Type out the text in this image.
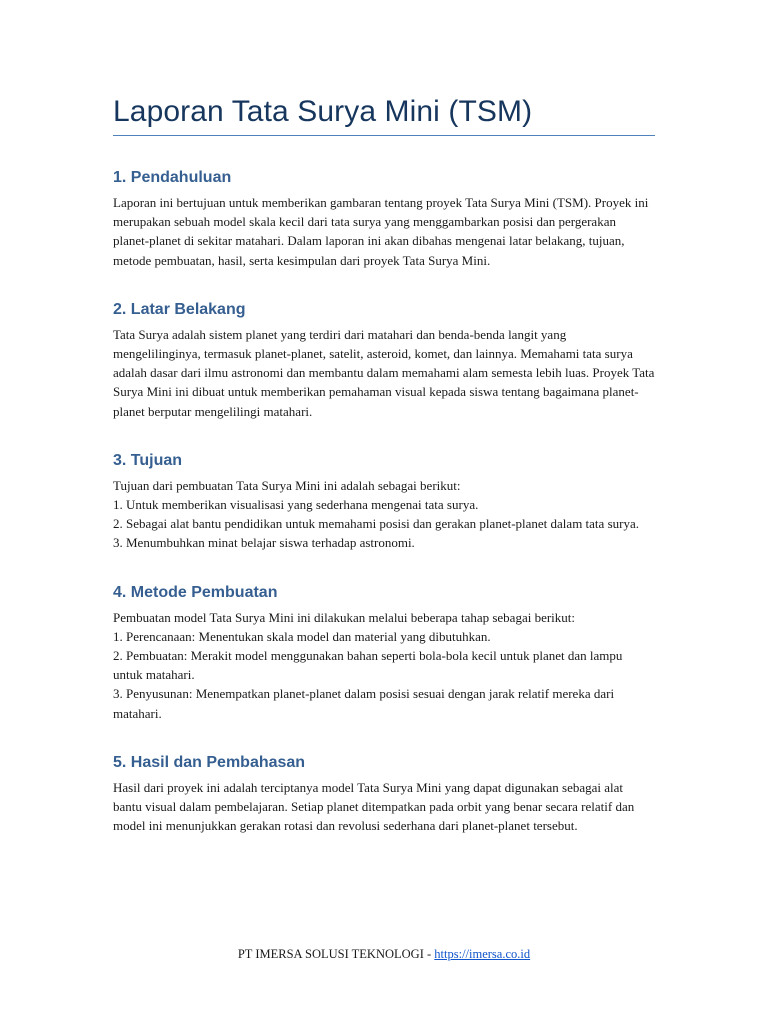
Laporan Tata Surya Mini (TSM)
1. Pendahuluan

Laporan ini bertujuan untuk memberikan gambaran tentang proyek Tata Surya Mini (TSM). Proyek ini merupakan sebuah model skala kecil dari tata surya yang menggambarkan posisi dan pergerakan planet-planet di sekitar matahari. Dalam laporan ini akan dibahas mengenai latar belakang, tujuan, metode pembuatan, hasil, serta kesimpulan dari proyek Tata Surya Mini.

2. Latar Belakang

Tata Surya adalah sistem planet yang terdiri dari matahari dan benda-benda langit yang mengelilinginya, termasuk planet-planet, satelit, asteroid, komet, dan lainnya. Memahami tata surya adalah dasar dari ilmu astronomi dan membantu dalam memahami alam semesta lebih luas. Proyek Tata Surya Mini ini dibuat untuk memberikan pemahaman visual kepada siswa tentang bagaimana planet-planet berputar mengelilingi matahari.

3. Tujuan
Tujuan dari pembuatan Tata Surya Mini ini adalah sebagai berikut:
1. Untuk memberikan visualisasi yang sederhana mengenai tata surya.
2. Sebagai alat bantu pendidikan untuk memahami posisi dan gerakan planet-planet dalam tata surya.
3. Menumbuhkan minat belajar siswa terhadap astronomi.
4. Metode Pembuatan
Pembuatan model Tata Surya Mini ini dilakukan melalui beberapa tahap sebagai berikut:
1. Perencanaan: Menentukan skala model dan material yang dibutuhkan.
2. Pembuatan: Merakit model menggunakan bahan seperti bola-bola kecil untuk planet dan lampu untuk matahari.
3. Penyusunan: Menempatkan planet-planet dalam posisi sesuai dengan jarak relatif mereka dari matahari.
5. Hasil dan Pembahasan

Hasil dari proyek ini adalah terciptanya model Tata Surya Mini yang dapat digunakan sebagai alat bantu visual dalam pembelajaran. Setiap planet ditempatkan pada orbit yang benar secara relatif dan model ini menunjukkan gerakan rotasi dan revolusi sederhana dari planet-planet tersebut.

PT IMERSA SOLUSI TEKNOLOGI - https://imersa.co.id
